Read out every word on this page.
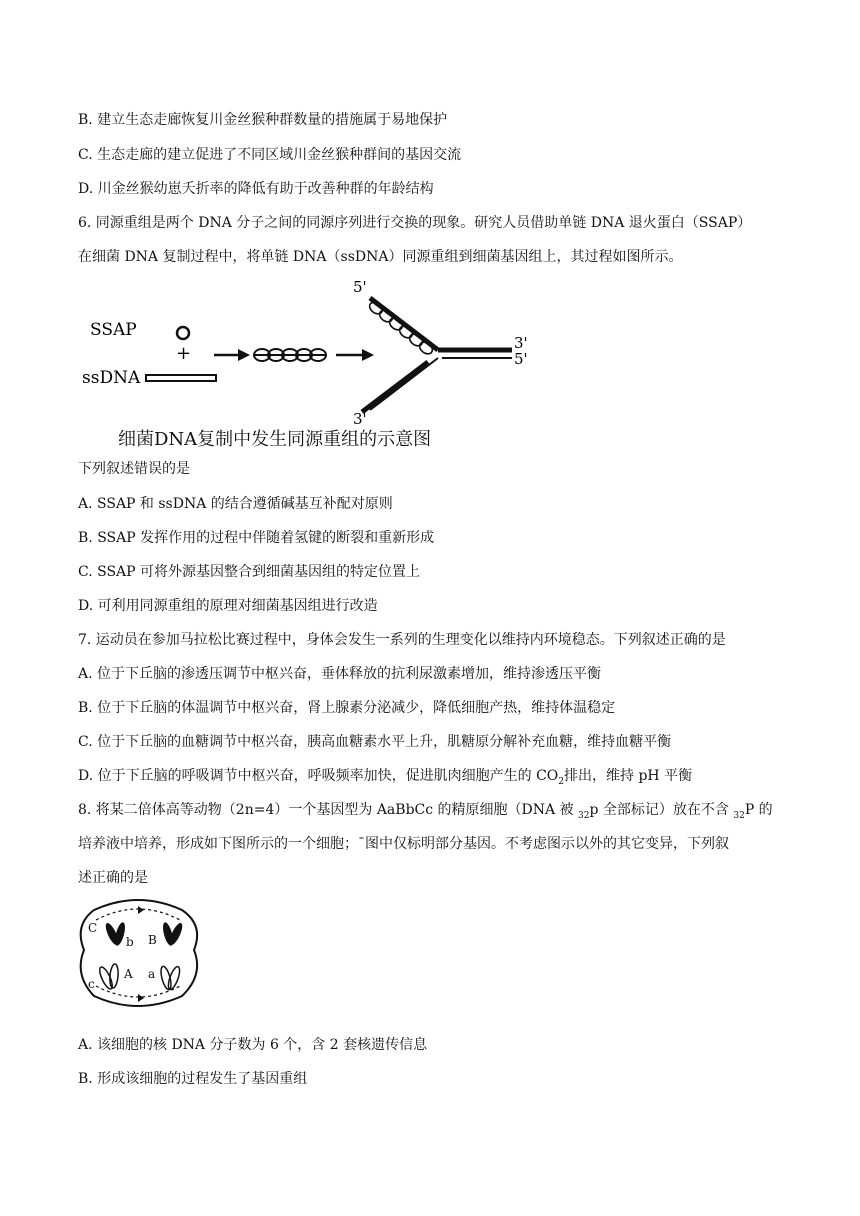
B. 建立生态走廊恢复川金丝猴种群数量的措施属于易地保护
C. 生态走廊的建立促进了不同区域川金丝猴种群间的基因交流
D. 川金丝猴幼崽夭折率的降低有助于改善种群的年龄结构
6. 同源重组是两个 DNA 分子之间的同源序列进行交换的现象。研究人员借助单链 DNA 退火蛋白（SSAP）
在细菌 DNA 复制过程中，将单链 DNA（ssDNA）同源重组到细菌基因组上，其过程如图所示。
SSAP
ssDNA
+
5'
3'
5'
3'
细菌DNA复制中发生同源重组的示意图
下列叙述错误的是
A. SSAP 和 ssDNA 的结合遵循碱基互补配对原则
B. SSAP 发挥作用的过程中伴随着氢键的断裂和重新形成
C. SSAP 可将外源基因整合到细菌基因组的特定位置上
D. 可利用同源重组的原理对细菌基因组进行改造
7. 运动员在参加马拉松比赛过程中，身体会发生一系列的生理变化以维持内环境稳态。下列叙述正确的是
A. 位于下丘脑的渗透压调节中枢兴奋，垂体释放的抗利尿激素增加，维持渗透压平衡
B. 位于下丘脑的体温调节中枢兴奋，肾上腺素分泌减少，降低细胞产热，维持体温稳定
C. 位于下丘脑的血糖调节中枢兴奋，胰高血糖素水平上升，肌糖原分解补充血糖，维持血糖平衡
D. 位于下丘脑的呼吸调节中枢兴奋，呼吸频率加快，促进肌肉细胞产生的 $CO_2$排出，维持 pH 平衡
8. 将某二倍体高等动物（2n=4）一个基因型为 AaBbCc 的精原细胞（DNA 被 $_{32}$p 全部标记）放在不含 $_{32}$P 的
培养液中培养，形成如下图所示的一个细胞；¯图中仅标明部分基因。不考虑图示以外的其它变异，下列叙
述正确的是
C
b B
A a
c
A. 该细胞的核 DNA 分子数为 6 个，含 2 套核遗传信息
B. 形成该细胞的过程发生了基因重组
